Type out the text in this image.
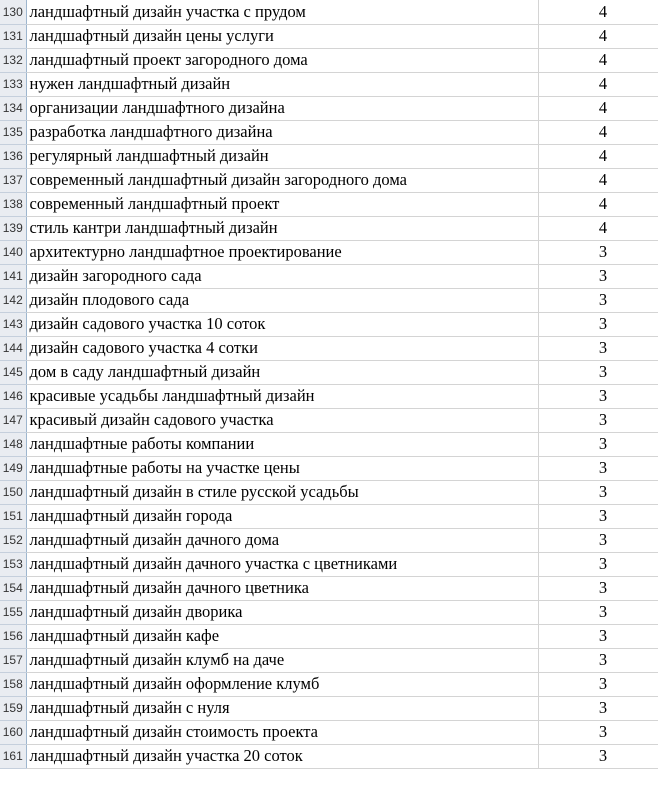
130	ландшафтный дизайн участка с прудом	4
131	ландшафтный дизайн цены услуги	4
132	ландшафтный проект загородного дома	4
133	нужен ландшафтный дизайн	4
134	организации ландшафтного дизайна	4
135	разработка ландшафтного дизайна	4
136	регулярный ландшафтный дизайн	4
137	современный ландшафтный дизайн загородного дома	4
138	современный ландшафтный проект	4
139	стиль кантри ландшафтный дизайн	4
140	архитектурно ландшафтное проектирование	3
141	дизайн загородного сада	3
142	дизайн плодового сада	3
143	дизайн садового участка 10 соток	3
144	дизайн садового участка 4 сотки	3
145	дом в саду ландшафтный дизайн	3
146	красивые усадьбы ландшафтный дизайн	3
147	красивый дизайн садового участка	3
148	ландшафтные работы компании	3
149	ландшафтные работы на участке цены	3
150	ландшафтный дизайн в стиле русской усадьбы	3
151	ландшафтный дизайн города	3
152	ландшафтный дизайн дачного дома	3
153	ландшафтный дизайн дачного участка с цветниками	3
154	ландшафтный дизайн дачного цветника	3
155	ландшафтный дизайн дворика	3
156	ландшафтный дизайн кафе	3
157	ландшафтный дизайн клумб на даче	3
158	ландшафтный дизайн оформление клумб	3
159	ландшафтный дизайн с нуля	3
160	ландшафтный дизайн стоимость проекта	3
161	ландшафтный дизайн участка 20 соток	3
